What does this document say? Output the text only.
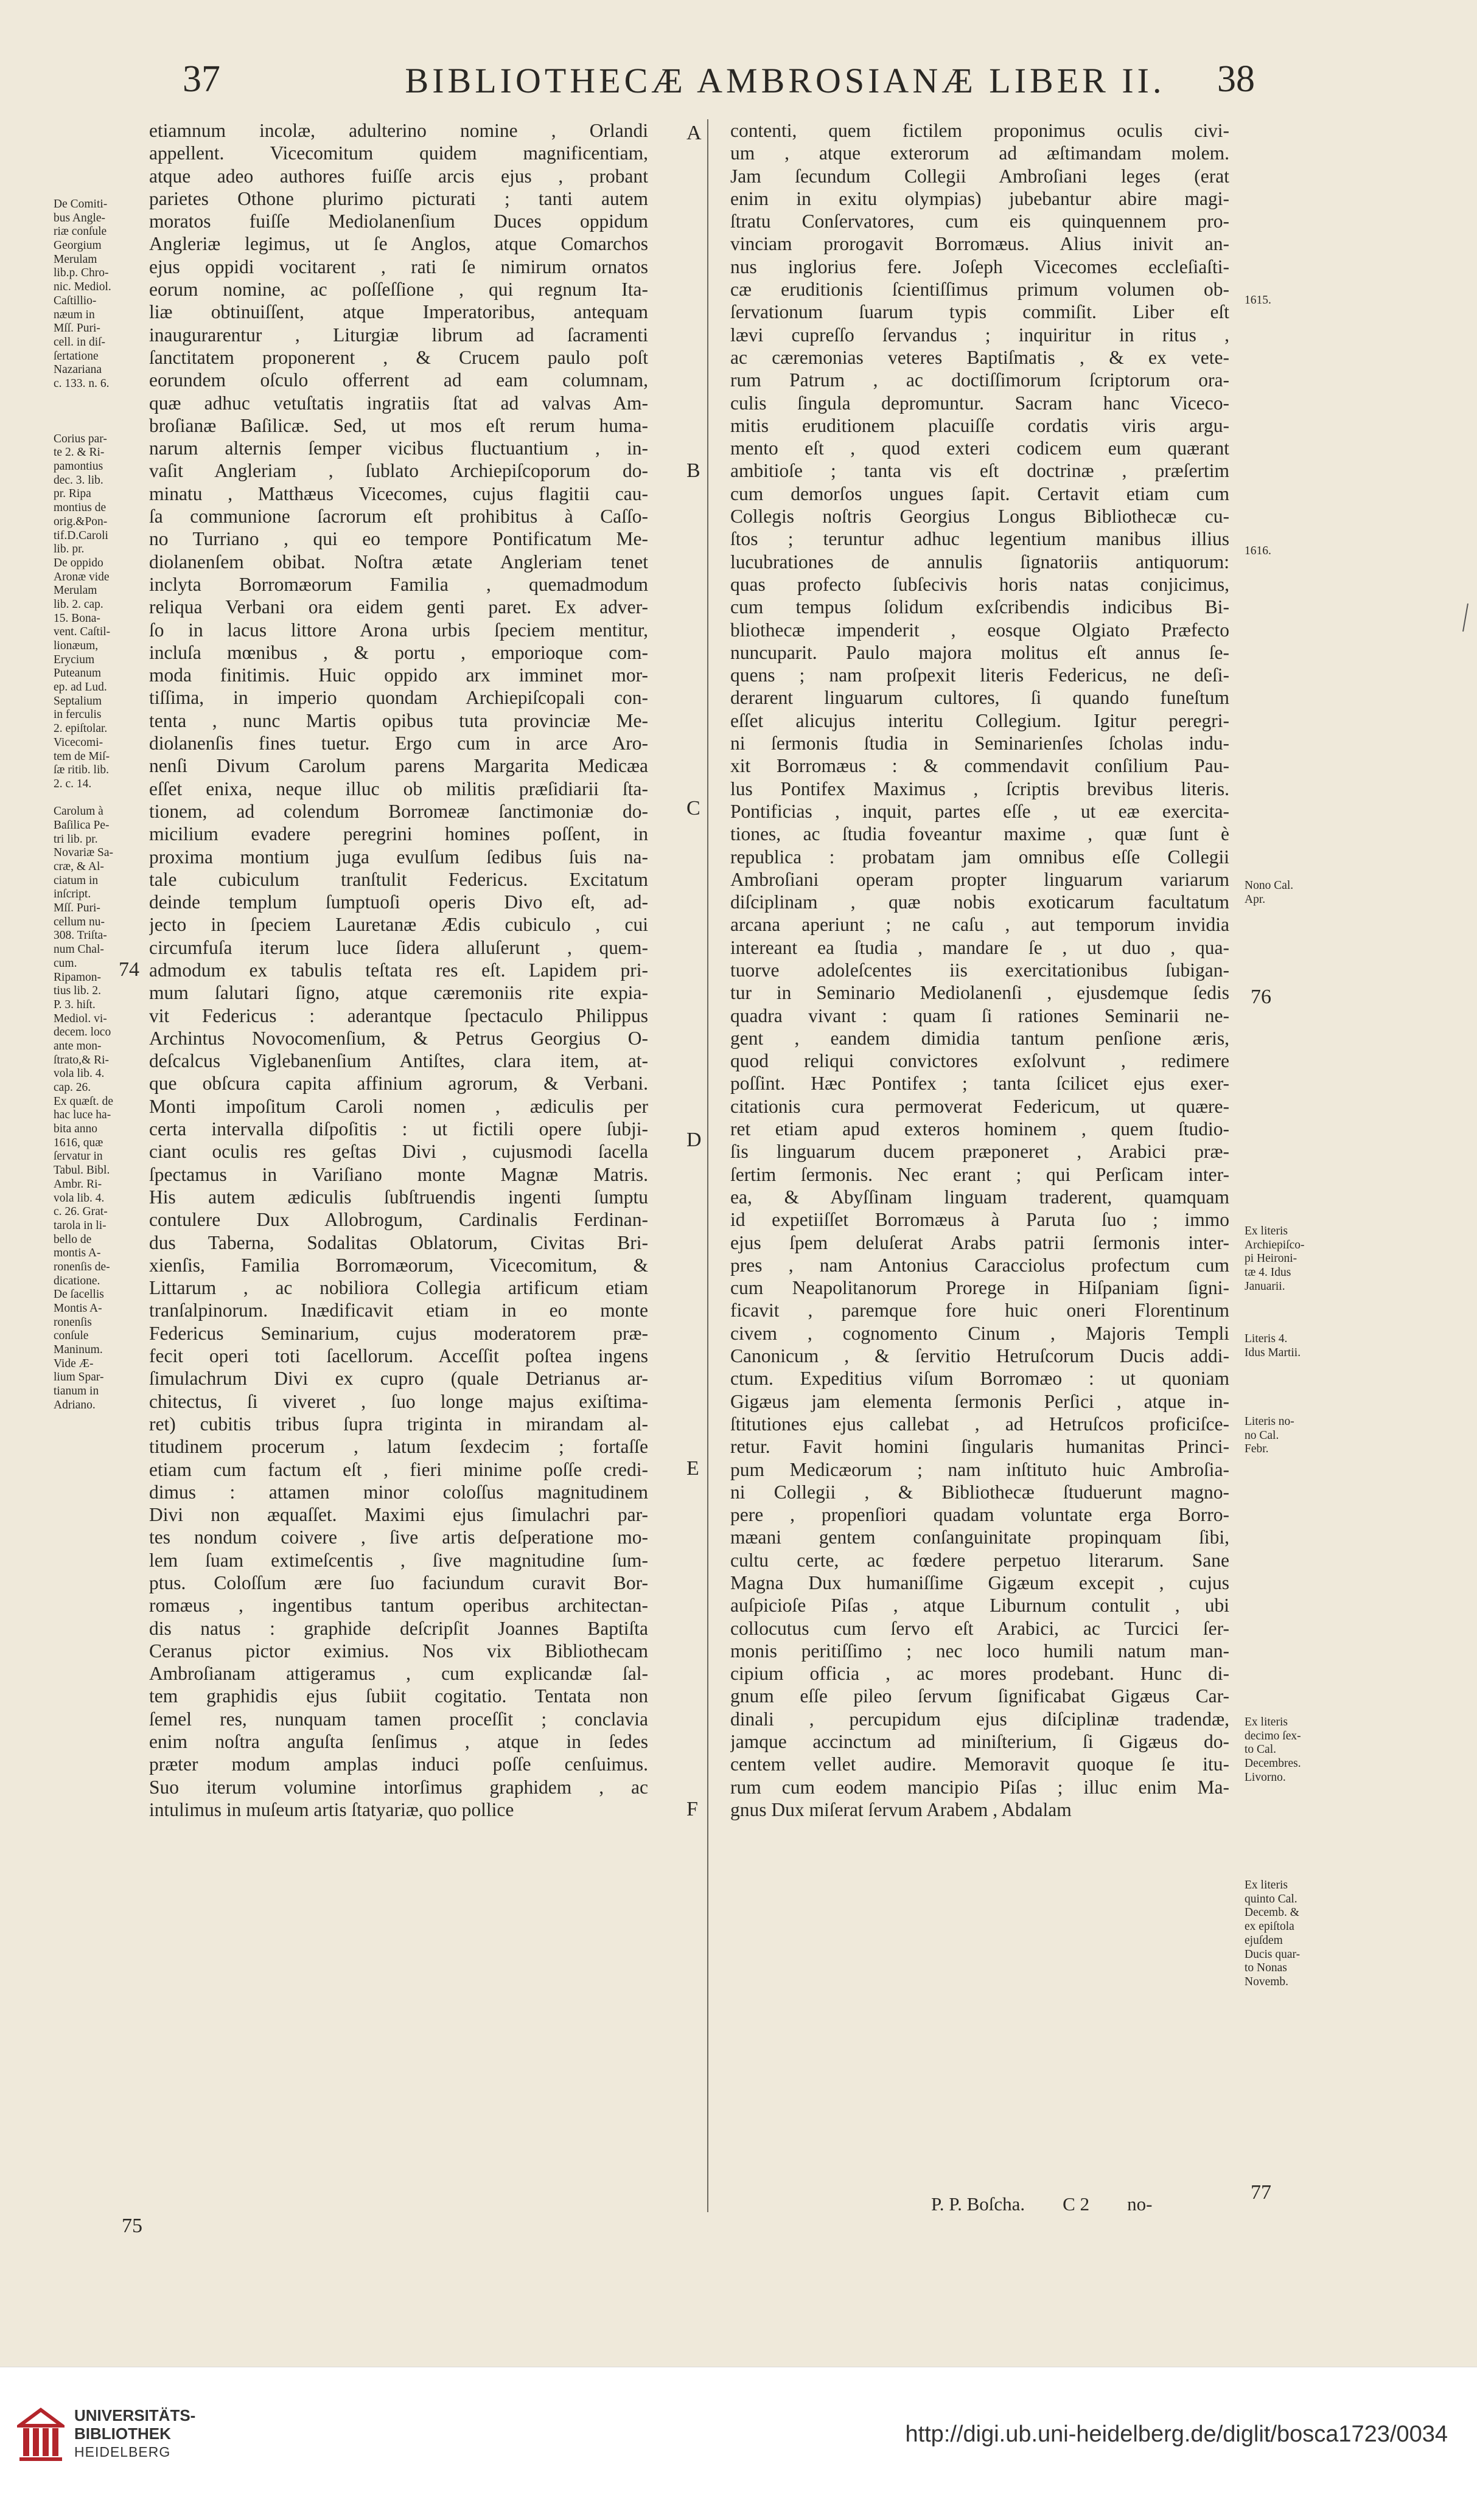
37	BIBLIOTHECÆ AMBROSIANÆ LIBER II.	38
De Comiti-
bus Angle-
riæ conſule
Georgium
Merulam
lib.p. Chro-
nic. Mediol.
Caſtillio-
næum in
Mſſ. Puri-
cell. in diſ-
ſertatione
Nazariana
c. 133. n. 6.
Corius par-
te 2. & Ri-
pamontius
dec. 3. lib.
pr. Ripa
montius de
orig.&Pon-
tif.D.Caroli
lib. pr.
De oppido
Aronæ vide
Merulam
lib. 2. cap.
15. Bona-
vent. Caſtil-
lionæum,
Erycium
Puteanum
ep. ad Lud.
Septalium
in ferculis
2. epiſtolar.
Vicecomi-
tem de Miſ-
ſæ ritib. lib.
2. c. 14.
Carolum à
Baſilica Pe-
tri lib. pr.
Novariæ Sa-
cræ, & Al-
ciatum in
inſcript.
Mſſ. Puri-
cellum nu-
308. Triſta-
num Chal-
cum.
Ripamon-
tius lib. 2.
P. 3. hiſt.
Mediol. vi-
decem. loco
ante mon-
ſtrato,& Ri-
vola lib. 4.
cap. 26.
Ex quæſt. de
hac luce ha-
bita anno
1616, quæ
ſervatur in
Tabul. Bibl.
Ambr. Ri-
vola lib. 4.
c. 26. Grat-
tarola in li-
bello de
montis A-
ronenſis de-
dicatione.
De ſacellis
Montis A-
ronenſis
conſule
Maninum.
Vide Æ-
lium Spar-
tianum in
Adriano.
etiamnum incolæ, adulterino nomine , Orlandi
appellent. Vicecomitum quidem magnificentiam,
atque adeo authores fuiſſe arcis ejus , probant
parietes Othone plurimo picturati ; tanti autem
moratos fuiſſe Mediolanenſium Duces oppidum
Angleriæ legimus, ut ſe Anglos, atque Comarchos
ejus oppidi vocitarent , rati ſe nimirum ornatos
eorum nomine, ac poſſeſſione , qui regnum Ita-
liæ obtinuiſſent, atque Imperatoribus, antequam
inaugurarentur , Liturgiæ librum ad ſacramenti
ſanctitatem proponerent , & Crucem paulo poſt
eorundem oſculo offerrent ad eam columnam,
quæ adhuc vetuſtatis ingratiis ſtat ad valvas Am-
broſianæ Baſilicæ. Sed, ut mos eſt rerum huma-
narum alternis ſemper vicibus fluctuantium , in-
vaſit Angleriam , ſublato Archiepiſcoporum do-
minatu , Matthæus Vicecomes, cujus flagitii cau-
ſa communione ſacrorum eſt prohibitus à Caſſo-
no Turriano , qui eo tempore Pontificatum Me-
diolanenſem obibat. Noſtra ætate Angleriam tenet
inclyta Borromæorum Familia , quemadmodum
reliqua Verbani ora eidem genti paret. Ex adver-
ſo in lacus littore Arona urbis ſpeciem mentitur,
incluſa mœnibus , & portu , emporioque com-
moda finitimis. Huic oppido arx imminet mor-
tiſſima, in imperio quondam Archiepiſcopali con-
tenta , nunc Martis opibus tuta provinciæ Me-
diolanenſis fines tuetur. Ergo cum in arce Aro-
nenſi Divum Carolum parens Margarita Medicæa
eſſet enixa, neque illuc ob militis præſidiarii ſta-
tionem, ad colendum Borromeæ ſanctimoniæ do-
micilium evadere peregrini homines poſſent, in
proxima montium juga evulſum ſedibus ſuis na-
tale cubiculum tranſtulit Federicus. Excitatum
deinde templum ſumptuoſi operis Divo eſt, ad-
jecto in ſpeciem Lauretanæ Ædis cubiculo , cui
circumfuſa iterum luce ſidera alluſerunt , quem-
admodum ex tabulis teſtata res eſt. Lapidem pri-
mum ſalutari ſigno, atque cæremoniis rite expia-
vit Federicus : aderantque ſpectaculo Philippus
Archintus Novocomenſium, & Petrus Georgius O-
deſcalcus Viglebanenſium Antiſtes, clara item, at-
que obſcura capita affinium agrorum, & Verbani.
Monti impoſitum Caroli nomen , ædiculis per
certa intervalla diſpoſitis : ut fictili opere ſubji-
ciant oculis res geſtas Divi , cujusmodi ſacella
ſpectamus in Variſiano monte Magnæ Matris.
His autem ædiculis ſubſtruendis ingenti ſumptu
contulere Dux Allobrogum, Cardinalis Ferdinan-
dus Taberna, Sodalitas Oblatorum, Civitas Bri-
xienſis, Familia Borromæorum, Vicecomitum, &
Littarum , ac nobiliora Collegia artificum etiam
tranſalpinorum. Inædificavit etiam in eo monte
Federicus Seminarium, cujus moderatorem præ-
fecit operi toti ſacellorum. Acceſſit poſtea ingens
ſimulachrum Divi ex cupro (quale Detrianus ar-
chitectus, ſi viveret , ſuo longe majus exiſtima-
ret) cubitis tribus ſupra triginta in mirandam al-
titudinem procerum , latum ſexdecim ; fortaſſe
etiam cum factum eſt , fieri minime poſſe credi-
dimus : attamen minor coloſſus magnitudinem
Divi non æquaſſet. Maximi ejus ſimulachri par-
tes nondum coivere , ſive artis deſperatione mo-
lem ſuam extimeſcentis , ſive magnitudine ſum-
ptus. Coloſſum ære ſuo faciundum curavit Bor-
romæus , ingentibus tantum operibus architectan-
dis natus : graphide deſcripſit Joannes Baptiſta
Ceranus pictor eximius. Nos vix Bibliothecam
Ambroſianam attigeramus , cum explicandæ ſal-
tem graphidis ejus ſubiit cogitatio. Tentata non
ſemel res, nunquam tamen proceſſit ; conclavia
enim noſtra anguſta ſenſimus , atque in ſedes
præter modum amplas induci poſſe cenſuimus.
Suo iterum volumine intorſimus graphidem , ac
intulimus in muſeum artis ſtatyariæ, quo pollice
A
B
C
D
E
F
contenti, quem fictilem proponimus oculis civi-
um , atque exterorum ad æſtimandam molem.
Jam ſecundum Collegii Ambroſiani leges (erat
enim in exitu olympias) jubebantur abire magi-
ſtratu Conſervatores, cum eis quinquennem pro-
vinciam prorogavit Borromæus. Alius inivit an-
nus inglorius fere. Joſeph Vicecomes eccleſiaſti-
cæ eruditionis ſcientiſſimus primum volumen ob-
ſervationum ſuarum typis commiſit. Liber eſt
lævi cupreſſo ſervandus ; inquiritur in ritus ,
ac cæremonias veteres Baptiſmatis , & ex vete-
rum Patrum , ac doctiſſimorum ſcriptorum ora-
culis ſingula depromuntur. Sacram hanc Viceco-
mitis eruditionem placuiſſe cordatis viris argu-
mento eſt , quod exteri codicem eum quærant
ambitioſe ; tanta vis eſt doctrinæ , præſertim
cum demorſos ungues ſapit. Certavit etiam cum
Collegis noſtris Georgius Longus Bibliothecæ cu-
ſtos ; teruntur adhuc legentium manibus illius
lucubrationes de annulis ſignatoriis antiquorum:
quas profecto ſubſecivis horis natas conjicimus,
cum tempus ſolidum exſcribendis indicibus Bi-
bliothecæ impenderit , eosque Olgiato Præfecto
nuncuparit. Paulo majora molitus eſt annus ſe-
quens ; nam proſpexit literis Federicus, ne deſi-
derarent linguarum cultores, ſi quando funeſtum
eſſet alicujus interitu Collegium. Igitur peregri-
ni ſermonis ſtudia in Seminarienſes ſcholas indu-
xit Borromæus : & commendavit conſilium Pau-
lus Pontifex Maximus , ſcriptis brevibus literis.
Pontificias , inquit, partes eſſe , ut eæ exercita-
tiones, ac ſtudia foveantur maxime , quæ ſunt è
republica : probatam jam omnibus eſſe Collegii
Ambroſiani operam propter linguarum variarum
diſciplinam , quæ nobis exoticarum facultatum
arcana aperiunt ; ne caſu , aut temporum invidia
intereant ea ſtudia , mandare ſe , ut duo , qua-
tuorve adoleſcentes iis exercitationibus ſubigan-
tur in Seminario Mediolanenſi , ejusdemque ſedis
quadra vivant : quam ſi rationes Seminarii ne-
gent , eandem dimidia tantum penſione æris,
quod reliqui convictores exſolvunt , redimere
poſſint. Hæc Pontifex ; tanta ſcilicet ejus exer-
citationis cura permoverat Federicum, ut quære-
ret etiam apud exteros hominem , quem ſtudio-
ſis linguarum ducem præponeret , Arabici præ-
ſertim ſermonis. Nec erant ; qui Perſicam inter-
ea, & Abyſſinam linguam traderent, quamquam
id expetiiſſet Borromæus à Paruta ſuo ; immo
ejus ſpem deluſerat Arabs patrii ſermonis inter-
pres , nam Antonius Caracciolus profectum cum
cum Neapolitanorum Prorege in Hiſpaniam ſigni-
ficavit , paremque fore huic oneri Florentinum
civem , cognomento Cinum , Majoris Templi
Canonicum , & ſervitio Hetruſcorum Ducis addi-
ctum. Expeditius viſum Borromæo : ut quoniam
Gigæus jam elementa ſermonis Perſici , atque in-
ſtitutiones ejus callebat , ad Hetruſcos proficiſce-
retur. Favit homini ſingularis humanitas Princi-
pum Medicæorum ; nam inſtituto huic Ambroſia-
ni Collegii , & Bibliothecæ ſtuduerunt magno-
pere , propenſiori quadam voluntate erga Borro-
mæani gentem conſanguinitate propinquam ſibi,
cultu certe, ac fœdere perpetuo literarum. Sane
Magna Dux humaniſſime Gigæum excepit , cujus
auſpicioſe Piſas , atque Liburnum contulit , ubi
collocutus cum ſervo eſt Arabici, ac Turcici ſer-
monis peritiſſimo ; nec loco humili natum man-
cipium officia , ac mores prodebant. Hunc di-
gnum eſſe pileo ſervum ſignificabat Gigæus Car-
dinali , percupidum ejus diſciplinæ tradendæ,
jamque accinctum ad miniſterium, ſi Gigæus do-
centem vellet audire. Memoravit quoque ſe itu-
rum cum eodem mancipio Piſas ; illuc enim Ma-
gnus Dux miſerat ſervum Arabem , Abdalam
1615.
1616.
Nono Cal.
Apr.
Ex literis
Archiepiſco-
pi Heironi-
tæ 4. Idus
Januarii.
Literis 4.
Idus Martii.
Literis no-
no Cal.
Febr.
Ex literis
decimo ſex-
to Cal.
Decembres.
Livorno.
Ex literis
quinto Cal.
Decemb. &
ex epiſtola
ejuſdem
Ducis quar-
to Nonas
Novemb.
74
75
76
77
P. P. Boſcha.        C 2        no-
UNIVERSITÄTS-
BIBLIOTHEK
HEIDELBERG
http://digi.ub.uni-heidelberg.de/diglit/bosca1723/0034
